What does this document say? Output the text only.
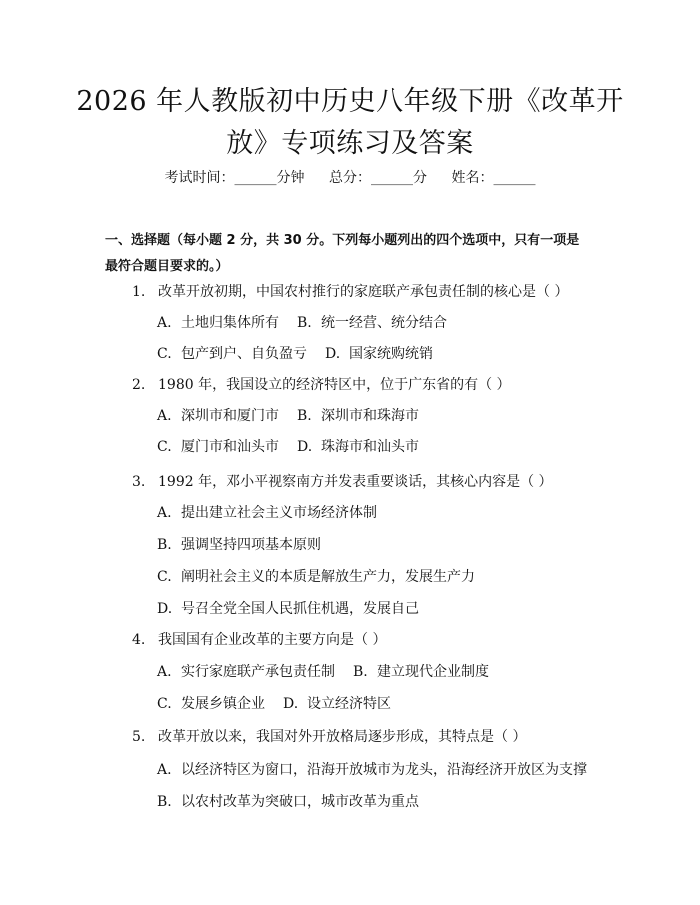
2026 年人教版初中历史八年级下册《改革开
放》专项练习及答案
考试时间：______分钟 总分：______分 姓名：______
一、选择题（每小题 2 分，共 30 分。下列每小题列出的四个选项中，只有一项是
最符合题目要求的。）
1. 改革开放初期，中国农村推行的家庭联产承包责任制的核心是（ ）
A. 土地归集体所有 B. 统一经营、统分结合
C. 包产到户、自负盈亏 D. 国家统购统销
2. 1980 年，我国设立的经济特区中，位于广东省的有（ ）
A. 深圳市和厦门市 B. 深圳市和珠海市
C. 厦门市和汕头市 D. 珠海市和汕头市
3. 1992 年，邓小平视察南方并发表重要谈话，其核心内容是（ ）
A. 提出建立社会主义市场经济体制
B. 强调坚持四项基本原则
C. 阐明社会主义的本质是解放生产力，发展生产力
D. 号召全党全国人民抓住机遇，发展自己
4. 我国国有企业改革的主要方向是（ ）
A. 实行家庭联产承包责任制 B. 建立现代企业制度
C. 发展乡镇企业 D. 设立经济特区
5. 改革开放以来，我国对外开放格局逐步形成，其特点是（ ）
A. 以经济特区为窗口，沿海开放城市为龙头，沿海经济开放区为支撑
B. 以农村改革为突破口，城市改革为重点
